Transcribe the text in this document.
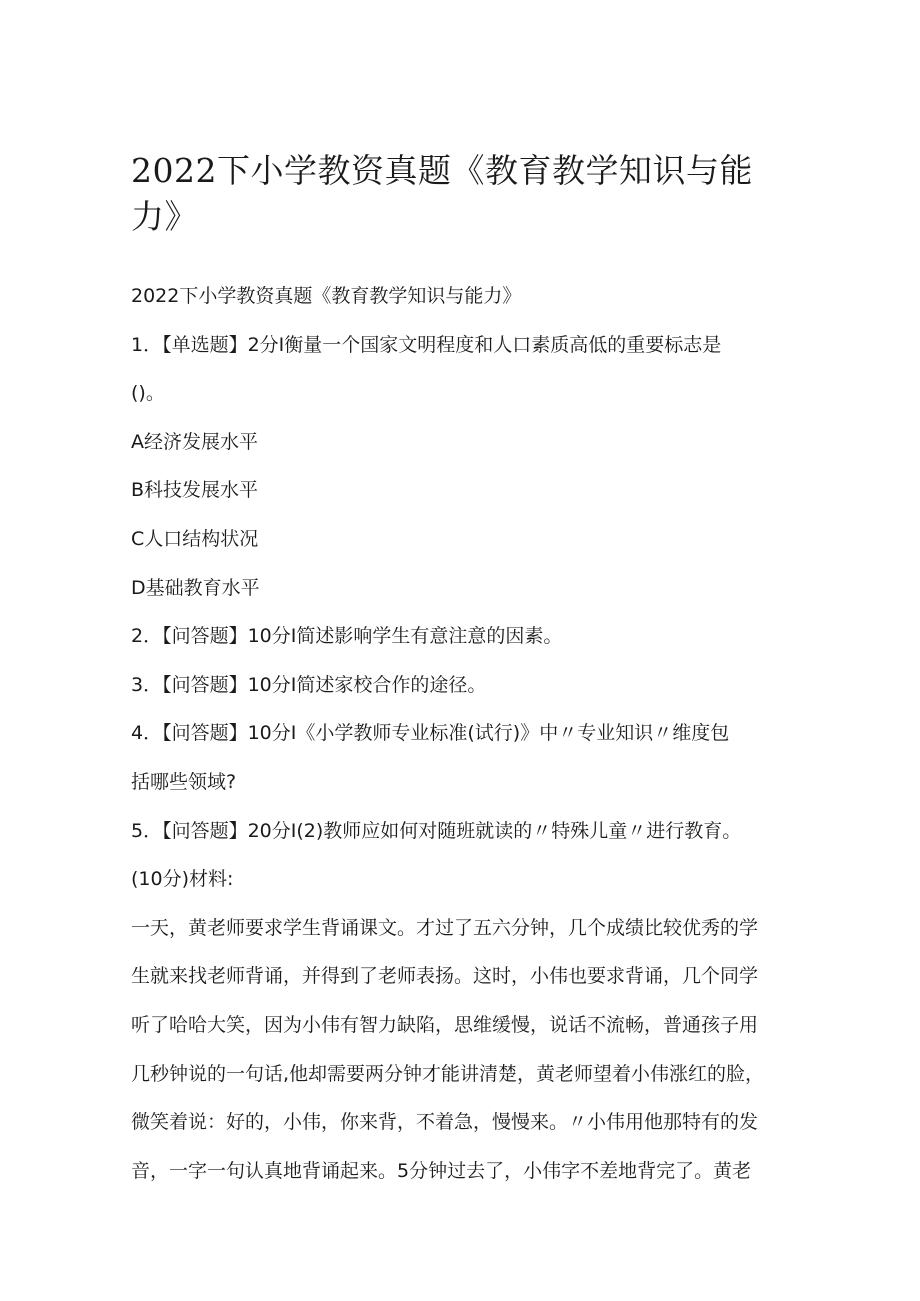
2022下小学教资真题《教育教学知识与能
力》

2022下小学教资真题《教育教学知识与能力》

1．【单选题】2分I衡量一个国家文明程度和人口素质高低的重要标志是

()。

A经济发展水平

B科技发展水平

C人口结构状况

D基础教育水平

2．【问答题】10分I简述影响学生有意注意的因素。

3．【问答题】10分I简述家校合作的途径。

4．【问答题】10分I《小学教师专业标准(试行)》中〃专业知识〃维度包

括哪些领域?

5．【问答题】20分I(2)教师应如何对随班就读的〃特殊儿童〃进行教育。

(10分)材料:

一天，黄老师要求学生背诵课文。才过了五六分钟，几个成绩比较优秀的学

生就来找老师背诵，并得到了老师表扬。这时，小伟也要求背诵，几个同学

听了哈哈大笑，因为小伟有智力缺陷，思维缓慢，说话不流畅，普通孩子用

几秒钟说的一句话,他却需要两分钟才能讲清楚，黄老师望着小伟涨红的脸，

微笑着说：好的，小伟，你来背，不着急，慢慢来。〃小伟用他那特有的发

音，一字一句认真地背诵起来。5分钟过去了，小伟字不差地背完了。黄老
